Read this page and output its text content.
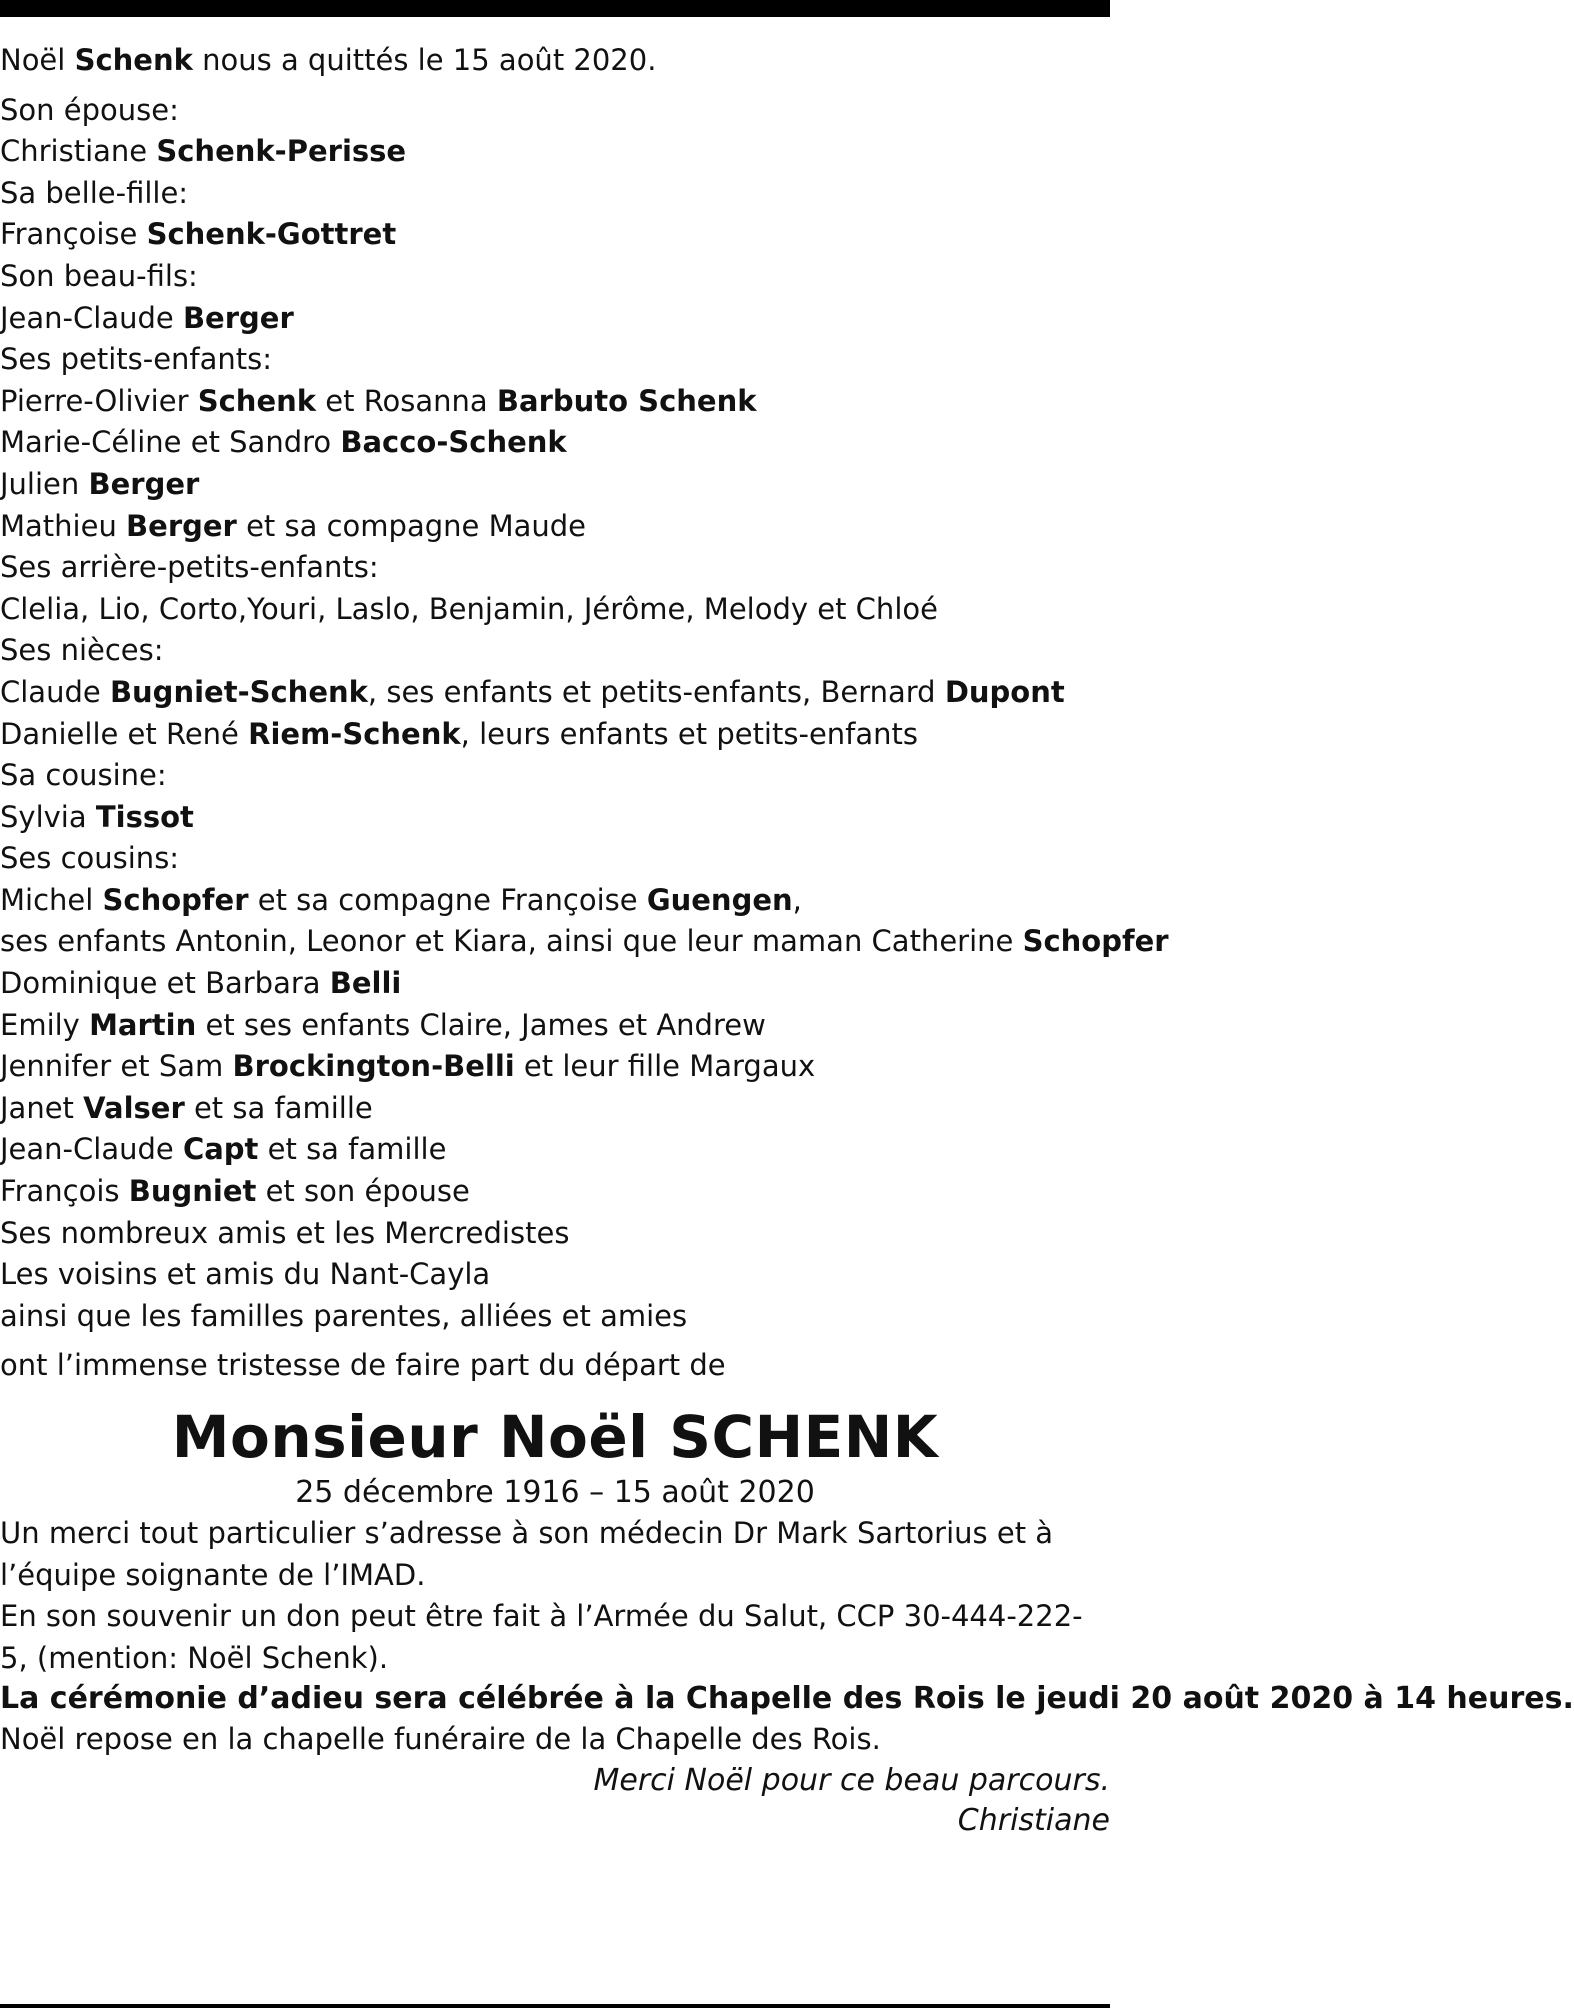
Noël Schenk nous a quittés le 15 août 2020.

Son épouse:

Christiane Schenk-Perisse

Sa belle-fille:

Françoise Schenk-Gottret

Son beau-fils:

Jean-Claude Berger

Ses petits-enfants:

Pierre-Olivier Schenk et Rosanna Barbuto Schenk

Marie-Céline et Sandro Bacco-Schenk

Julien Berger

Mathieu Berger et sa compagne Maude

Ses arrière-petits-enfants:

Clelia, Lio, Corto,Youri, Laslo, Benjamin, Jérôme, Melody et Chloé

Ses nièces:

Claude Bugniet-Schenk, ses enfants et petits-enfants, Bernard Dupont

Danielle et René Riem-Schenk, leurs enfants et petits-enfants

Sa cousine:

Sylvia Tissot

Ses cousins:

Michel Schopfer et sa compagne Françoise Guengen,

ses enfants Antonin, Leonor et Kiara, ainsi que leur maman Catherine Schopfer

Dominique et Barbara Belli

Emily Martin et ses enfants Claire, James et Andrew

Jennifer et Sam Brockington-Belli et leur fille Margaux

Janet Valser et sa famille

Jean-Claude Capt et sa famille

François Bugniet et son épouse

Ses nombreux amis et les Mercredistes

Les voisins et amis du Nant-Cayla

ainsi que les familles parentes, alliées et amies

ont l’immense tristesse de faire part du départ de

Monsieur Noël SCHENK

25 décembre 1916 – 15 août 2020

Un merci tout particulier s’adresse à son médecin Dr Mark Sartorius et à l’équipe soignante de l’IMAD.

En son souvenir un don peut être fait à l’Armée du Salut, CCP 30-444-222-5, (mention: Noël Schenk).

La cérémonie d’adieu sera célébrée à la Chapelle des Rois le jeudi 20 août 2020 à 14 heures.

Noël repose en la chapelle funéraire de la Chapelle des Rois.

Merci Noël pour ce beau parcours.

Christiane
